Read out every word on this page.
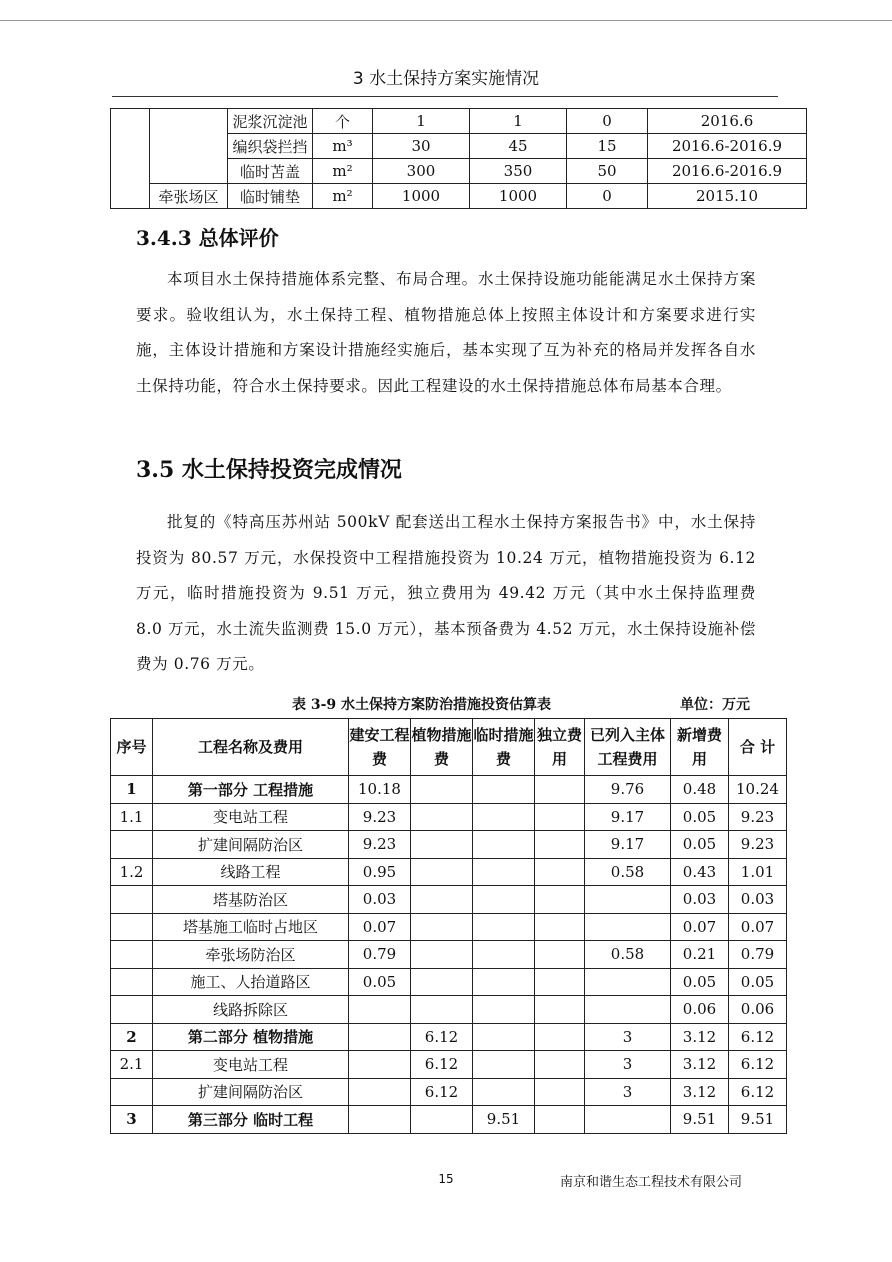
3 水土保持方案实施情况
		泥浆沉淀池	个	1	1	0	2016.6
		编织袋拦挡	m³	30	45	15	2016.6-2016.9
		临时苫盖	m²	300	350	50	2016.6-2016.9
	牵张场区	临时铺垫	m²	1000	1000	0	2015.10
3.4.3 总体评价
本项目水土保持措施体系完整、布局合理。水土保持设施功能能满足水土保持方案要求。验收组认为，水土保持工程、植物措施总体上按照主体设计和方案要求进行实施，主体设计措施和方案设计措施经实施后，基本实现了互为补充的格局并发挥各自水土保持功能，符合水土保持要求。因此工程建设的水土保持措施总体布局基本合理。
3.5 水土保持投资完成情况
批复的《特高压苏州站 500kV 配套送出工程水土保持方案报告书》中，水土保持投资为 80.57 万元，水保投资中工程措施投资为 10.24 万元，植物措施投资为 6.12 万元，临时措施投资为 9.51 万元，独立费用为 49.42 万元（其中水土保持监理费 8.0 万元，水土流失监测费 15.0 万元），基本预备费为 4.52 万元，水土保持设施补偿费为 0.76 万元。
表 3-9 水土保持方案防治措施投资估算表	单位：万元
序号	工程名称及费用	建安工程费	植物措施费	临时措施费	独立费用	已列入主体工程费用	新增费用	合 计
1	第一部分 工程措施	10.18				9.76	0.48	10.24
1.1	变电站工程	9.23				9.17	0.05	9.23
	扩建间隔防治区	9.23				9.17	0.05	9.23
1.2	线路工程	0.95				0.58	0.43	1.01
	塔基防治区	0.03					0.03	0.03
	塔基施工临时占地区	0.07					0.07	0.07
	牵张场防治区	0.79				0.58	0.21	0.79
	施工、人抬道路区	0.05					0.05	0.05
	线路拆除区						0.06	0.06
2	第二部分 植物措施		6.12			3	3.12	6.12
2.1	变电站工程		6.12			3	3.12	6.12
	扩建间隔防治区		6.12			3	3.12	6.12
3	第三部分 临时工程			9.51			9.51	9.51
15	南京和谐生态工程技术有限公司
